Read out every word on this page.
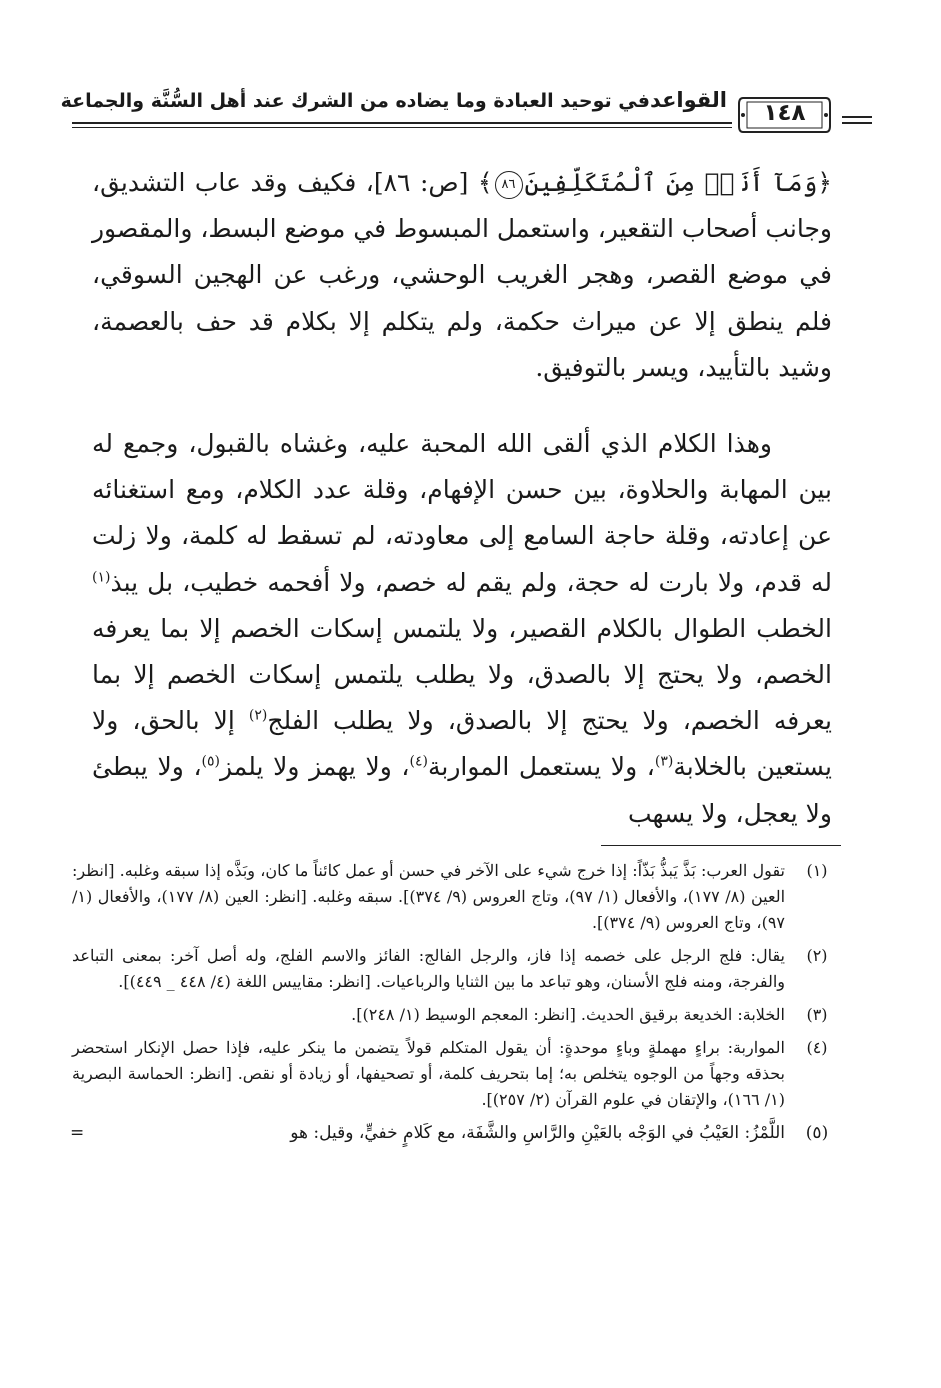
القواعدفي توحيد العبادة وما يضاده من الشرك عند أهل السُّنَّة والجماعة	١٤٨

﴿وَمَآ أَنَا۠ مِنَ ٱلْمُتَكَلِّفِينَ٨٦﴾ [ص: ٨٦]، فكيف وقد عاب التشديق، وجانب أصحاب التقعير، واستعمل المبسوط في موضع البسط، والمقصور في موضع القصر، وهجر الغريب الوحشي، ورغب عن الهجين السوقي، فلم ينطق إلا عن ميراث حكمة، ولم يتكلم إلا بكلام قد حف بالعصمة، وشيد بالتأييد، ويسر بالتوفيق.

وهذا الكلام الذي ألقى الله المحبة عليه، وغشاه بالقبول، وجمع له بين المهابة والحلاوة، بين حسن الإفهام، وقلة عدد الكلام، ومع استغنائه عن إعادته، وقلة حاجة السامع إلى معاودته، لم تسقط له كلمة، ولا زلت له قدم، ولا بارت له حجة، ولم يقم له خصم، ولا أفحمه خطيب، بل يبذ$^{(١)}$ الخطب الطوال بالكلام القصير، ولا يلتمس إسكات الخصم إلا بما يعرفه الخصم، ولا يحتج إلا بالصدق، ولا يطلب يلتمس إسكات الخصم إلا بما يعرفه الخصم، ولا يحتج إلا بالصدق، ولا يطلب الفلج$^{(٢)}$ إلا بالحق، ولا يستعين بالخلابة$^{(٣)}$، ولا يستعمل المواربة$^{(٤)}$، ولا يهمز ولا يلمز$^{(٥)}$، ولا يبطئ ولا يعجل، ولا يسهب

(١)
تقول العرب: بَذَّ يَبذُّ بَذّاً: إذا خرج شيء على الآخر في حسن أو عمل كائناً ما كان، وبَذَّه إذا سبقه وغلبه. [انظر: العين (٨/ ١٧٧)، والأفعال (١/ ٩٧)، وتاج العروس (٩/ ٣٧٤)]. سبقه وغلبه. [انظر: العين (٨/ ١٧٧)، والأفعال (١/ ٩٧)، وتاج العروس (٩/ ٣٧٤)].
(٢)
يقال: فلج الرجل على خصمه إذا فاز، والرجل الفالج: الفائز والاسم الفلج، وله أصل آخر: بمعنى التباعد والفرجة، ومنه فلج الأسنان، وهو تباعد ما بين الثنايا والرباعيات. [انظر: مقاييس اللغة (٤/ ٤٤٨ _ ٤٤٩)].
(٣)
الخلابة: الخديعة برقيق الحديث. [انظر: المعجم الوسيط (١/ ٢٤٨)].
(٤)
المواربة: براءٍ مهملةٍ وباءٍ موحدةٍ: أن يقول المتكلم قولاً يتضمن ما ينكر عليه، فإذا حصل الإنكار استحضر بحذقه وجهاً من الوجوه يتخلص به؛ إما بتحريف كلمة، أو تصحيفها، أو زيادة أو نقص. [انظر: الحماسة البصرية (١/ ١٦٦)، والإتقان في علوم القرآن (٢/ ٢٥٧)].
(٥)
اللَّمْزُ: العَيْبُ في الوَجْه بالعَيْنِ والرَّاسِ والشَّفَة، مع كَلامٍ خفيٍّ، وقيل: هو
=
